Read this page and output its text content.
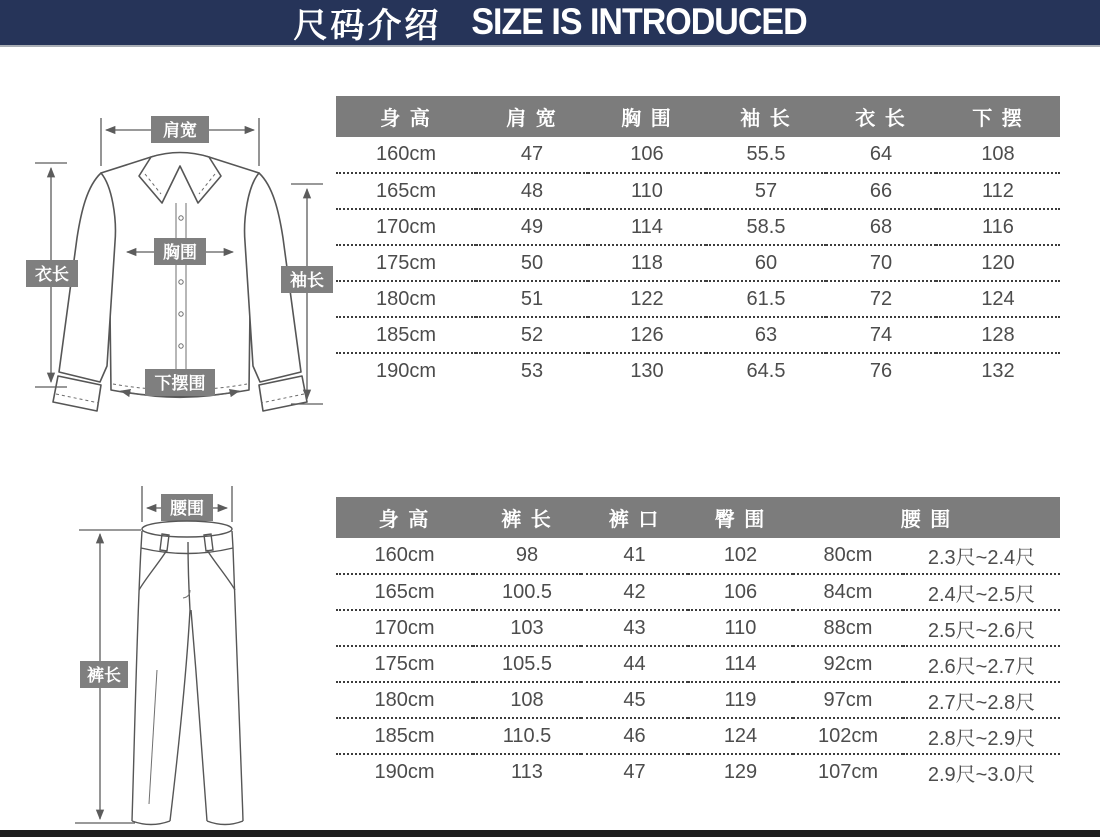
尺码介绍 SIZE IS INTRODUCED
肩宽
衣长	袖长
胸围
下摆围
身 高	肩 宽	胸 围	袖 长	衣 长	下 摆
160cm	47	106	55.5	64	108
165cm	48	110	57	66	112
170cm	49	114	58.5	68	116
175cm	50	118	60	70	120
180cm	51	122	61.5	72	124
185cm	52	126	63	74	128
190cm	53	130	64.5	76	132
腰围
裤长
身 高	裤 长	裤 口	臀 围	腰 围	
160cm	98	41	102	80cm	2.3尺~2.4尺
165cm	100.5	42	106	84cm	2.4尺~2.5尺
170cm	103	43	110	88cm	2.5尺~2.6尺
175cm	105.5	44	114	92cm	2.6尺~2.7尺
180cm	108	45	119	97cm	2.7尺~2.8尺
185cm	110.5	46	124	102cm	2.8尺~2.9尺
190cm	113	47	129	107cm	2.9尺~3.0尺
